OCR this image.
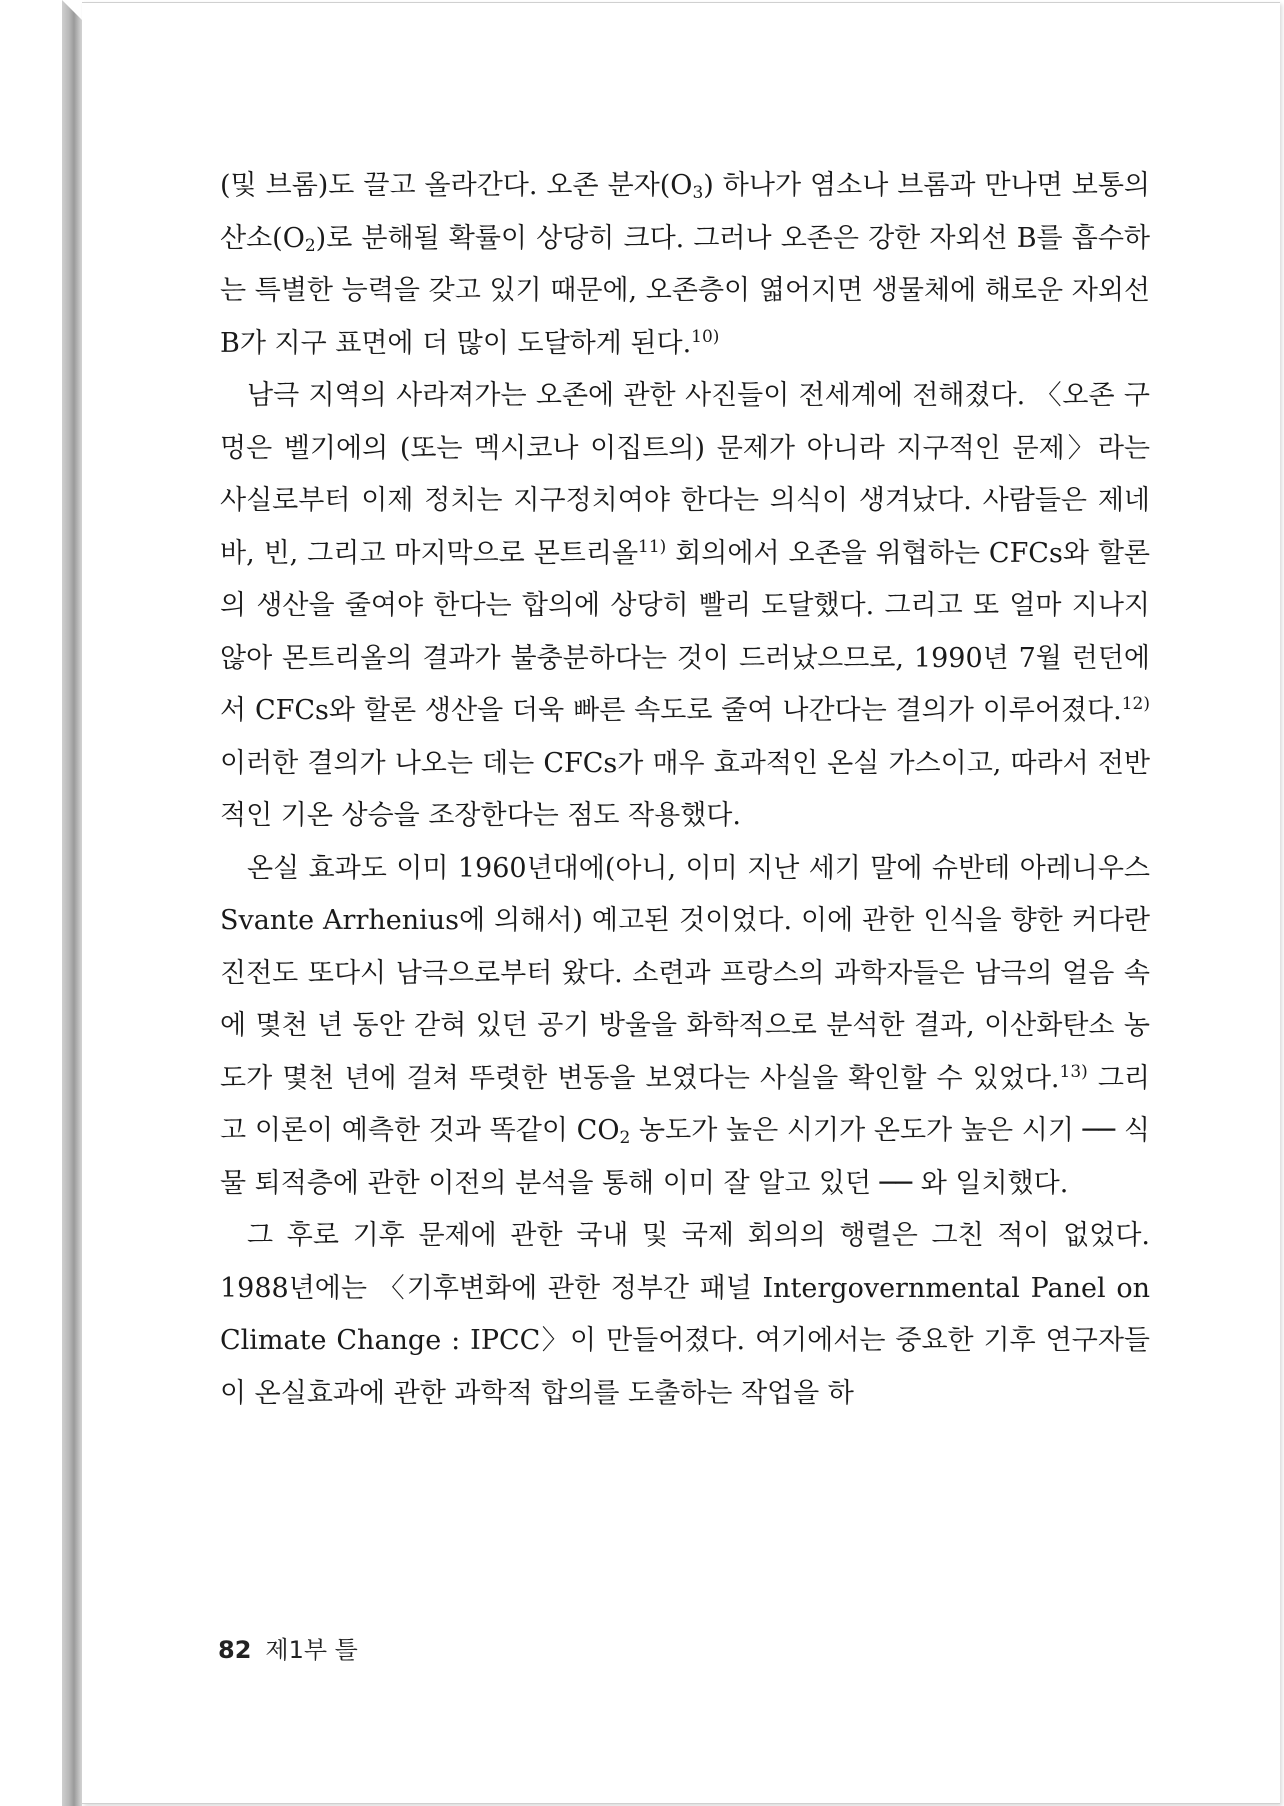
(및 브롬)도 끌고 올라간다. 오존 분자$(O_3)$ 하나가 염소나 브롬과 만나면 보통의 산소$(O_2)$로 분해될 확률이 상당히 크다. 그러나 오존은 강한 자외선 B를 흡수하는 특별한 능력을 갖고 있기 때문에, 오존층이 엷어지면 생물체에 해로운 자외선 B가 지구 표면에 더 많이 도달하게 된다.$^{10)}$

남극 지역의 사라져가는 오존에 관한 사진들이 전세계에 전해졌다. 〈오존 구멍은 벨기에의 (또는 멕시코나 이집트의) 문제가 아니라 지구적인 문제〉라는 사실로부터 이제 정치는 지구정치여야 한다는 의식이 생겨났다. 사람들은 제네바, 빈, 그리고 마지막으로 몬트리올$^{11)}$ 회의에서 오존을 위협하는 CFCs와 할론의 생산을 줄여야 한다는 합의에 상당히 빨리 도달했다. 그리고 또 얼마 지나지 않아 몬트리올의 결과가 불충분하다는 것이 드러났으므로, 1990년 7월 런던에서 CFCs와 할론 생산을 더욱 빠른 속도로 줄여 나간다는 결의가 이루어졌다.$^{12)}$ 이러한 결의가 나오는 데는 CFCs가 매우 효과적인 온실 가스이고, 따라서 전반적인 기온 상승을 조장한다는 점도 작용했다.

온실 효과도 이미 1960년대에(아니, 이미 지난 세기 말에 슈반테 아레니우스 Svante Arrhenius에 의해서) 예고된 것이었다. 이에 관한 인식을 향한 커다란 진전도 또다시 남극으로부터 왔다. 소련과 프랑스의 과학자들은 남극의 얼음 속에 몇천 년 동안 갇혀 있던 공기 방울을 화학적으로 분석한 결과, 이산화탄소 농도가 몇천 년에 걸쳐 뚜렷한 변동을 보였다는 사실을 확인할 수 있었다.$^{13)}$ 그리고 이론이 예측한 것과 똑같이 $CO_2$ 농도가 높은 시기가 온도가 높은 시기 ── 식물 퇴적층에 관한 이전의 분석을 통해 이미 잘 알고 있던 ── 와 일치했다.

그 후로 기후 문제에 관한 국내 및 국제 회의의 행렬은 그친 적이 없었다. 1988년에는 〈기후변화에 관한 정부간 패널 Intergovernmental Panel on Climate Change : IPCC〉이 만들어졌다. 여기에서는 중요한 기후 연구자들이 온실효과에 관한 과학적 합의를 도출하는 작업을 하

82 제1부 틀
